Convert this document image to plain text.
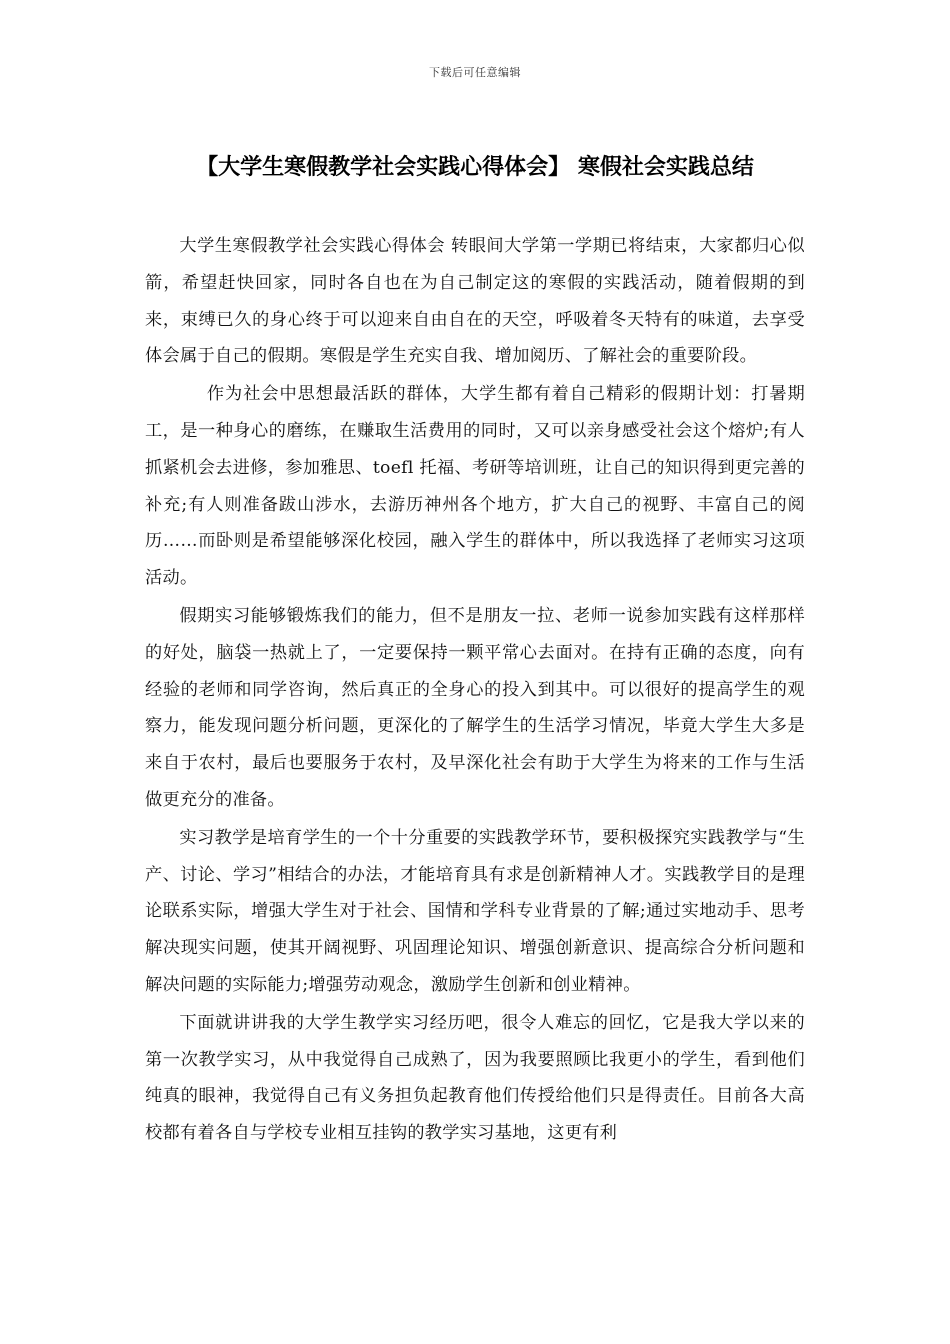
下载后可任意编辑
【大学生寒假教学社会实践心得体会】 寒假社会实践总结

大学生寒假教学社会实践心得体会 转眼间大学第一学期已将结束，大家都归心似箭，希望赶快回家，同时各自也在为自己制定这的寒假的实践活动，随着假期的到来，束缚已久的身心终于可以迎来自由自在的天空，呼吸着冬天特有的味道，去享受体会属于自己的假期。寒假是学生充实自我、增加阅历、了解社会的重要阶段。

作为社会中思想最活跃的群体，大学生都有着自己精彩的假期计划：打暑期工，是一种身心的磨练，在赚取生活费用的同时，又可以亲身感受社会这个熔炉;有人抓紧机会去进修，参加雅思、toefl 托福、考研等培训班，让自己的知识得到更完善的补充;有人则准备跋山涉水，去游历神州各个地方，扩大自己的视野、丰富自己的阅历……而卧则是希望能够深化校园，融入学生的群体中，所以我选择了老师实习这项活动。

假期实习能够锻炼我们的能力，但不是朋友一拉、老师一说参加实践有这样那样的好处，脑袋一热就上了，一定要保持一颗平常心去面对。在持有正确的态度，向有经验的老师和同学咨询，然后真正的全身心的投入到其中。可以很好的提高学生的观察力，能发现问题分析问题，更深化的了解学生的生活学习情况，毕竟大学生大多是来自于农村，最后也要服务于农村，及早深化社会有助于大学生为将来的工作与生活做更充分的准备。

实习教学是培育学生的一个十分重要的实践教学环节，要积极探究实践教学与“生产、讨论、学习”相结合的办法，才能培育具有求是创新精神人才。实践教学目的是理论联系实际，增强大学生对于社会、国情和学科专业背景的了解;通过实地动手、思考解决现实问题，使其开阔视野、巩固理论知识、增强创新意识、提高综合分析问题和解决问题的实际能力;增强劳动观念，激励学生创新和创业精神。

下面就讲讲我的大学生教学实习经历吧，很令人难忘的回忆，它是我大学以来的第一次教学实习，从中我觉得自己成熟了，因为我要照顾比我更小的学生，看到他们纯真的眼神，我觉得自己有义务担负起教育他们传授给他们只是得责任。目前各大高校都有着各自与学校专业相互挂钩的教学实习基地，这更有利
